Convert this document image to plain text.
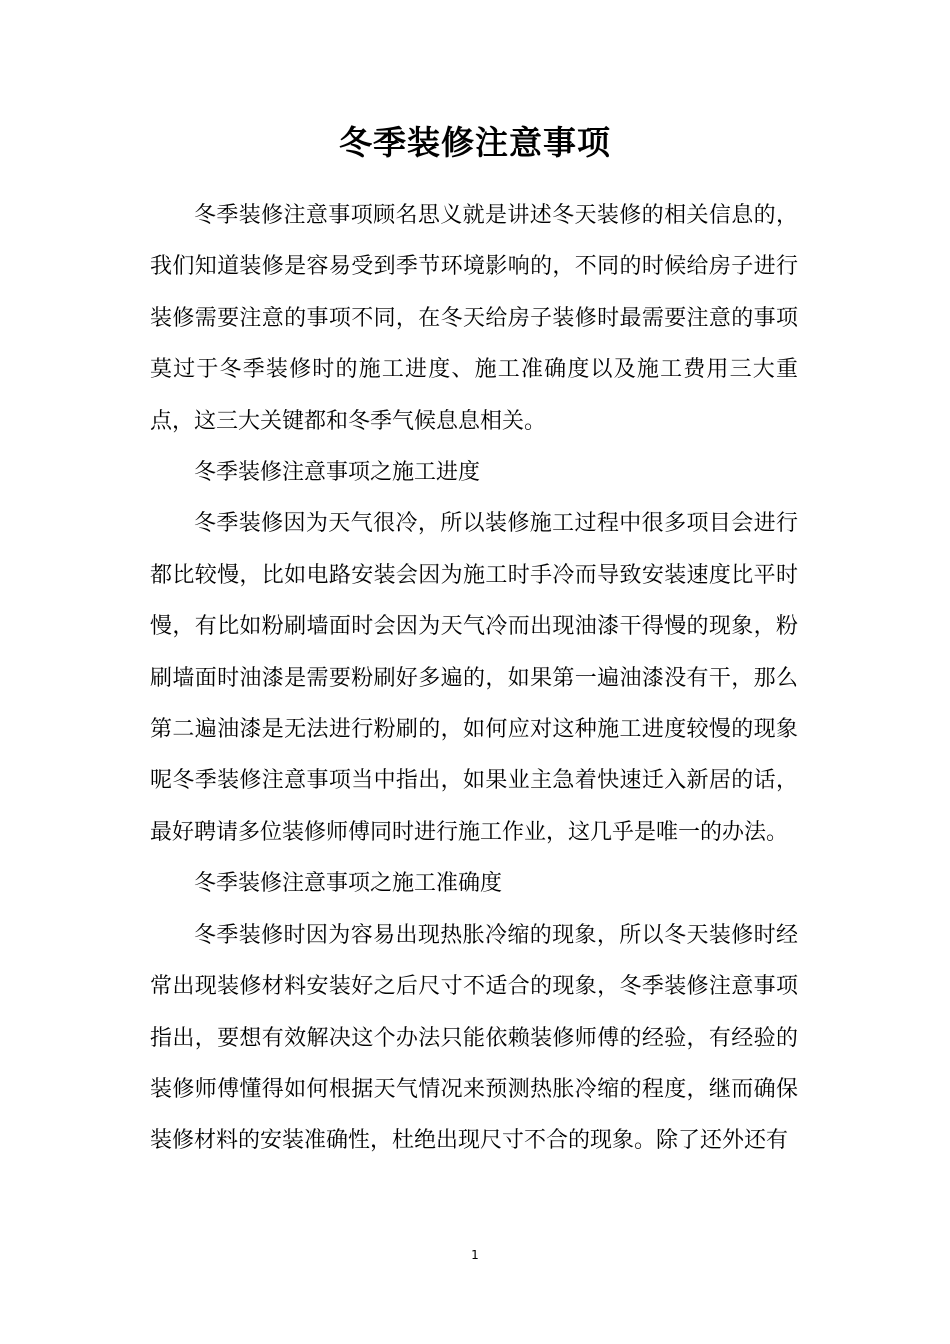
冬季装修注意事项

冬季装修注意事项顾名思义就是讲述冬天装修的相关信息的，我们知道装修是容易受到季节环境影响的，不同的时候给房子进行装修需要注意的事项不同，在冬天给房子装修时最需要注意的事项莫过于冬季装修时的施工进度、施工准确度以及施工费用三大重点，这三大关键都和冬季气候息息相关。

冬季装修注意事项之施工进度

冬季装修因为天气很冷，所以装修施工过程中很多项目会进行都比较慢，比如电路安装会因为施工时手冷而导致安装速度比平时慢，有比如粉刷墙面时会因为天气冷而出现油漆干得慢的现象，粉刷墙面时油漆是需要粉刷好多遍的，如果第一遍油漆没有干，那么第二遍油漆是无法进行粉刷的，如何应对这种施工进度较慢的现象呢冬季装修注意事项当中指出，如果业主急着快速迁入新居的话，最好聘请多位装修师傅同时进行施工作业，这几乎是唯一的办法。

冬季装修注意事项之施工准确度

冬季装修时因为容易出现热胀冷缩的现象，所以冬天装修时经常出现装修材料安装好之后尺寸不适合的现象，冬季装修注意事项指出，要想有效解决这个办法只能依赖装修师傅的经验，有经验的装修师傅懂得如何根据天气情况来预测热胀冷缩的程度，继而确保装修材料的安装准确性，杜绝出现尺寸不合的现象。除了还外还有

1
